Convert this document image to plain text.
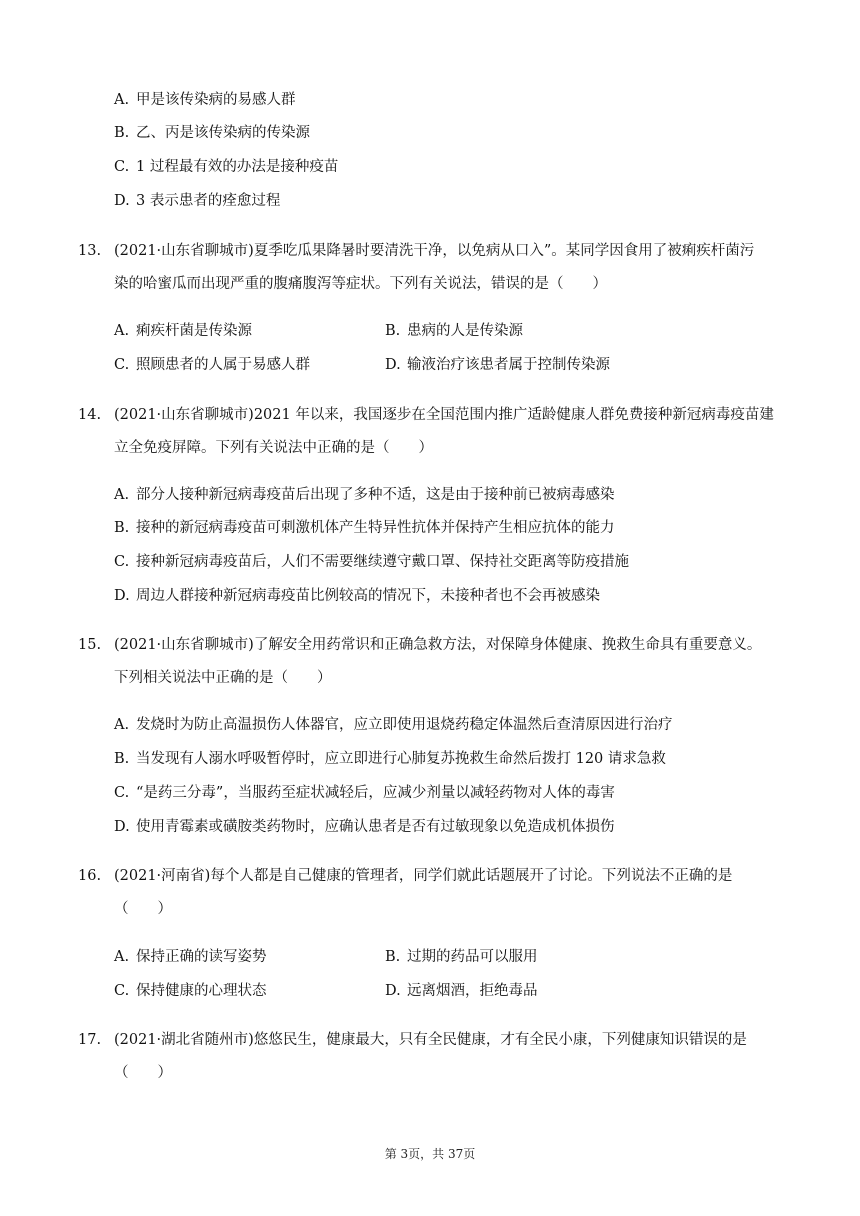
A. 甲是该传染病的易感人群
B. 乙、丙是该传染病的传染源
C. 1 过程最有效的办法是接种疫苗
D. 3 表示患者的痊愈过程
13. (2021·山东省聊城市)夏季吃瓜果降暑时要清洗干净，以免病从口入”。某同学因食用了被痢疾杆菌污
染的哈蜜瓜而出现严重的腹痛腹泻等症状。下列有关说法，错误的是（　　）
A. 痢疾杆菌是传染源	B. 患病的人是传染源
C. 照顾患者的人属于易感人群	D. 输液治疗该患者属于控制传染源
14. (2021·山东省聊城市)2021 年以来，我国逐步在全国范围内推广适龄健康人群免费接种新冠病毒疫苗建
立全免疫屏障。下列有关说法中正确的是（　　）
A. 部分人接种新冠病毒疫苗后出现了多种不适，这是由于接种前已被病毒感染
B. 接种的新冠病毒疫苗可刺激机体产生特异性抗体并保持产生相应抗体的能力
C. 接种新冠病毒疫苗后，人们不需要继续遵守戴口罩、保持社交距离等防疫措施
D. 周边人群接种新冠病毒疫苗比例较高的情况下，未接种者也不会再被感染
15. (2021·山东省聊城市)了解安全用药常识和正确急救方法，对保障身体健康、挽救生命具有重要意义。
下列相关说法中正确的是（　　）
A. 发烧时为防止高温损伤人体器官，应立即使用退烧药稳定体温然后查清原因进行治疗
B. 当发现有人溺水呼吸暂停时，应立即进行心肺复苏挽救生命然后拨打 120 请求急救
C. “是药三分毒”，当服药至症状减轻后，应减少剂量以减轻药物对人体的毒害
D. 使用青霉素或磺胺类药物时，应确认患者是否有过敏现象以免造成机体损伤
16. (2021·河南省)每个人都是自己健康的管理者，同学们就此话题展开了讨论。下列说法不正确的是
（　　）
A. 保持正确的读写姿势	B. 过期的药品可以服用
C. 保持健康的心理状态	D. 远离烟酒，拒绝毒品
17. (2021·湖北省随州市)悠悠民生，健康最大，只有全民健康，才有全民小康，下列健康知识错误的是
（　　）
第 3页，共 37页
